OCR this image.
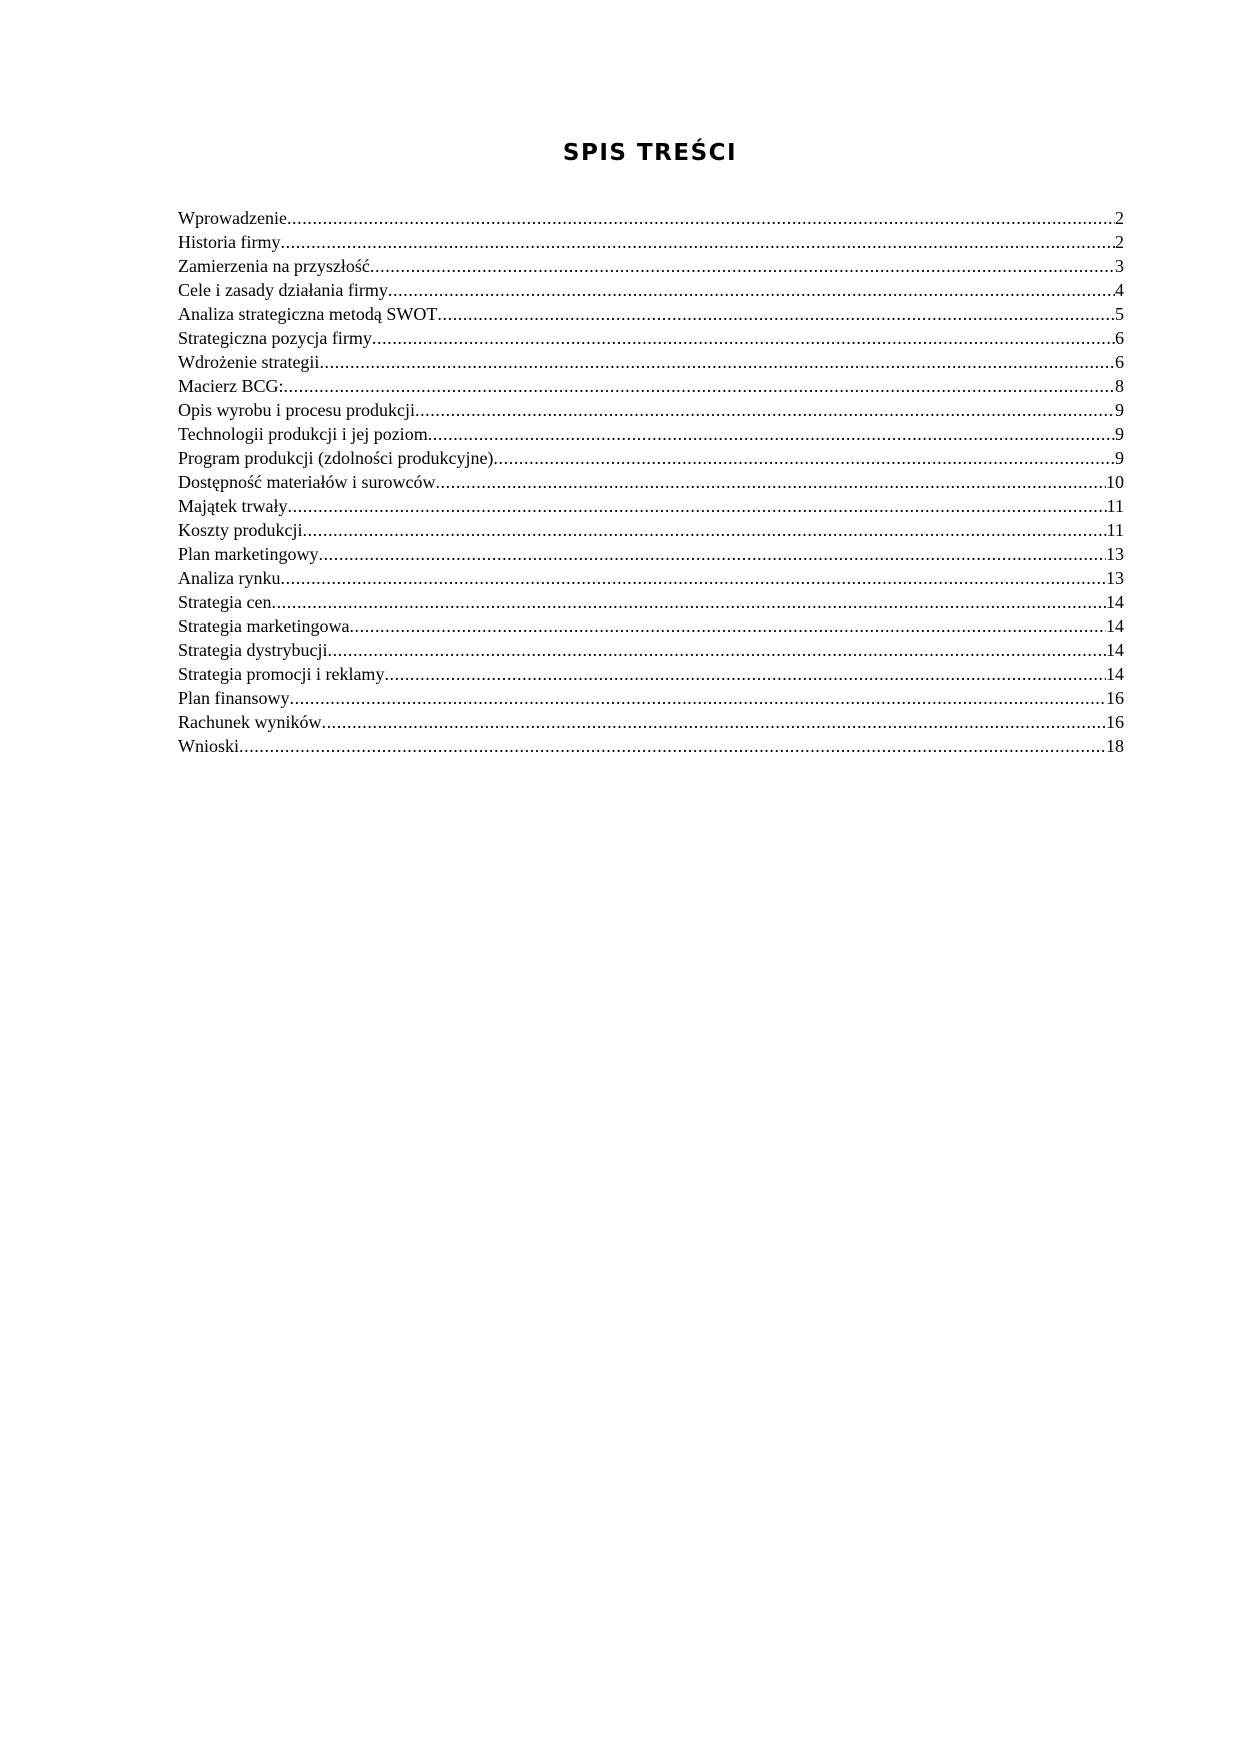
SPIS TREŚCI
Wprowadzenie .....	2
Historia firmy .....	2
Zamierzenia na przyszłość .....	3
Cele i zasady działania firmy .....	4
Analiza strategiczna metodą SWOT .....	5
Strategiczna pozycja firmy .....	6
Wdrożenie strategii .....	6
Macierz BCG: .....	8
Opis wyrobu i procesu produkcji .....	9
Technologii produkcji i jej poziom .....	9
Program produkcji (zdolności produkcyjne) .....	9
Dostępność materiałów i surowców .....	10
Majątek trwały .....	11
Koszty produkcji .....	11
Plan marketingowy .....	13
Analiza rynku .....	13
Strategia cen .....	14
Strategia marketingowa .....	14
Strategia dystrybucji .....	14
Strategia promocji i reklamy .....	14
Plan finansowy .....	16
Rachunek wyników .....	16
Wnioski .....	18
